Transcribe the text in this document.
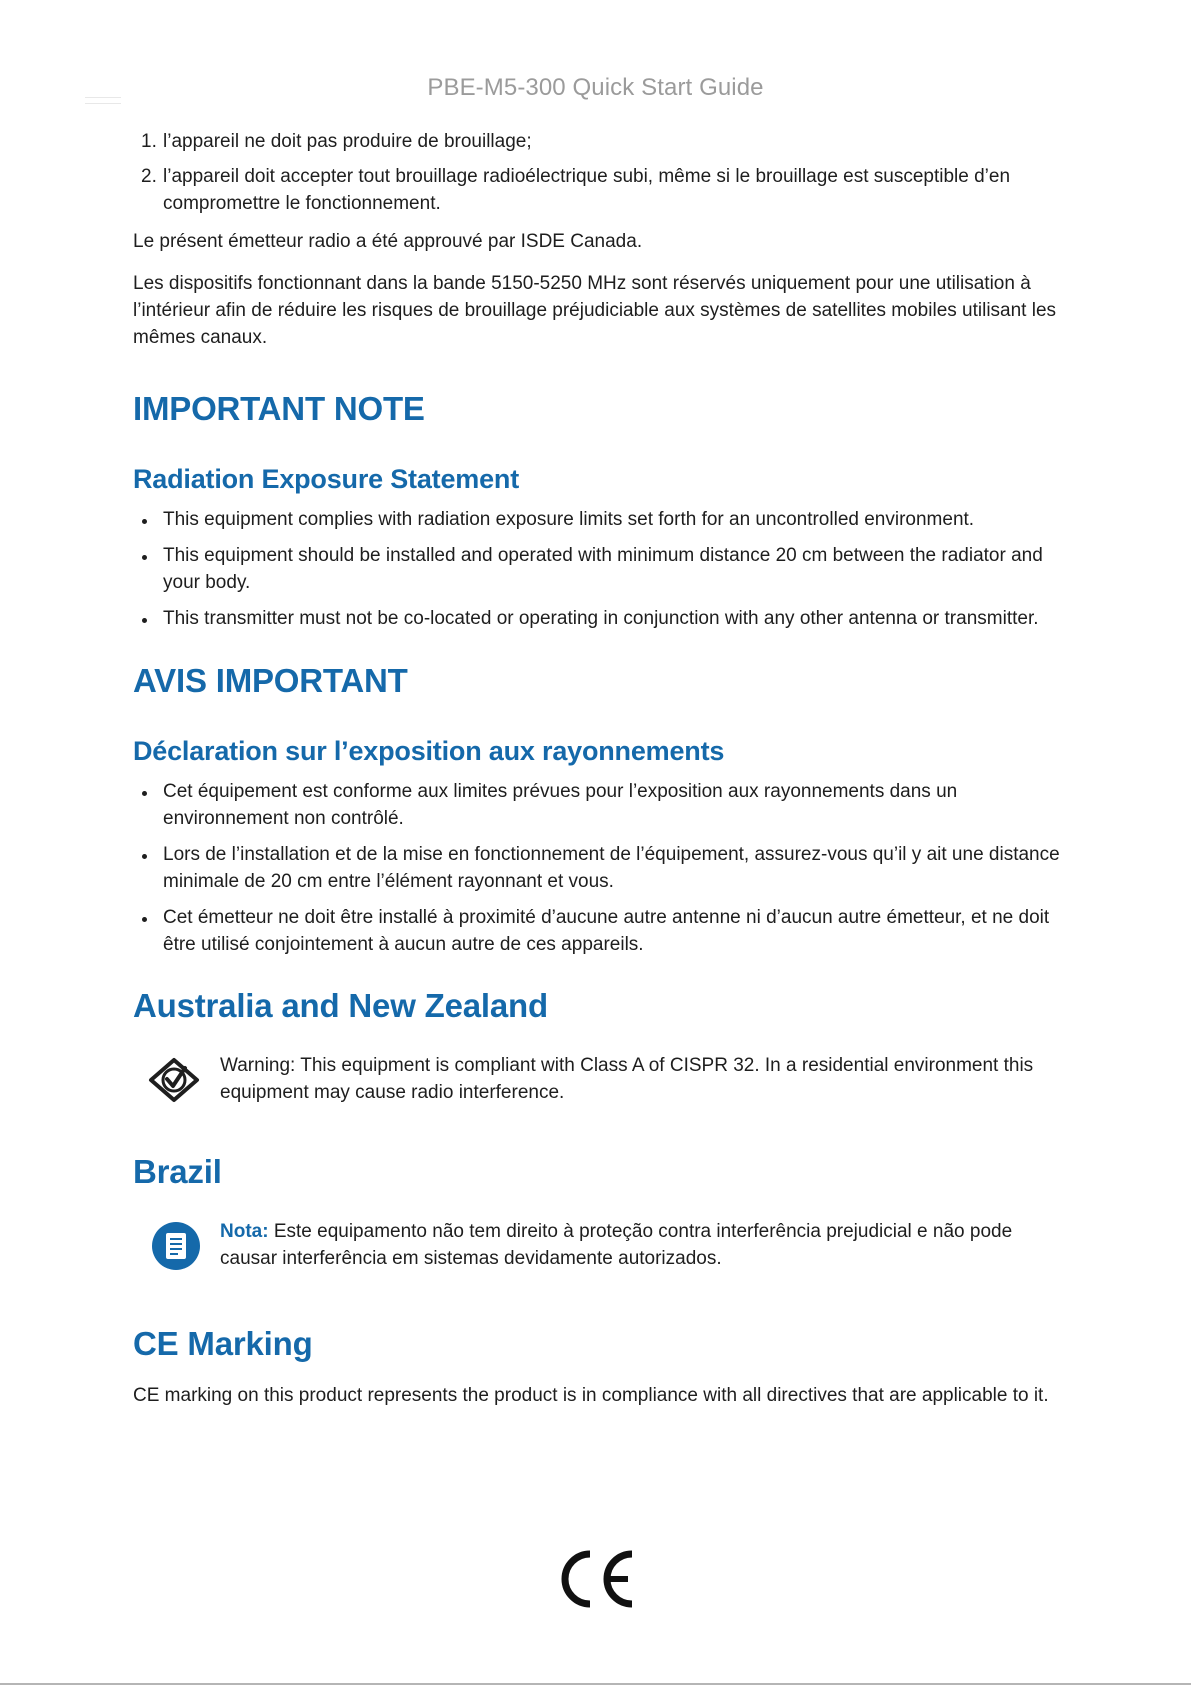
PBE-M5-300 Quick Start Guide
1. l’appareil ne doit pas produire de brouillage;
2. l’appareil doit accepter tout brouillage radioélectrique subi, même si le brouillage est susceptible d’en compromettre le fonctionnement.

Le présent émetteur radio a été approuvé par ISDE Canada.

Les dispositifs fonctionnant dans la bande 5150-5250 MHz sont réservés uniquement pour une utilisation à l’intérieur afin de réduire les risques de brouillage préjudiciable aux systèmes de satellites mobiles utilisant les mêmes canaux.

IMPORTANT NOTE
Radiation Exposure Statement
This equipment complies with radiation exposure limits set forth for an uncontrolled environment.
This equipment should be installed and operated with minimum distance 20 cm between the radiator and your body.
This transmitter must not be co-located or operating in conjunction with any other antenna or transmitter.
AVIS IMPORTANT
Déclaration sur l’exposition aux rayonnements
Cet équipement est conforme aux limites prévues pour l’exposition aux rayonnements dans un environnement non contrôlé.
Lors de l’installation et de la mise en fonctionnement de l’équipement, assurez-vous qu’il y ait une distance minimale de 20 cm entre l’élément rayonnant et vous.
Cet émetteur ne doit être installé à proximité d’aucune autre antenne ni d’aucun autre émetteur, et ne doit être utilisé conjointement à aucun autre de ces appareils.
Australia and New Zealand

Warning: This equipment is compliant with Class A of CISPR 32. In a residential environment this equipment may cause radio interference.

Brazil

Nota: Este equipamento não tem direito à proteção contra interferência prejudicial e não pode causar interferência em sistemas devidamente autorizados.

CE Marking

CE marking on this product represents the product is in compliance with all directives that are applicable to it.
